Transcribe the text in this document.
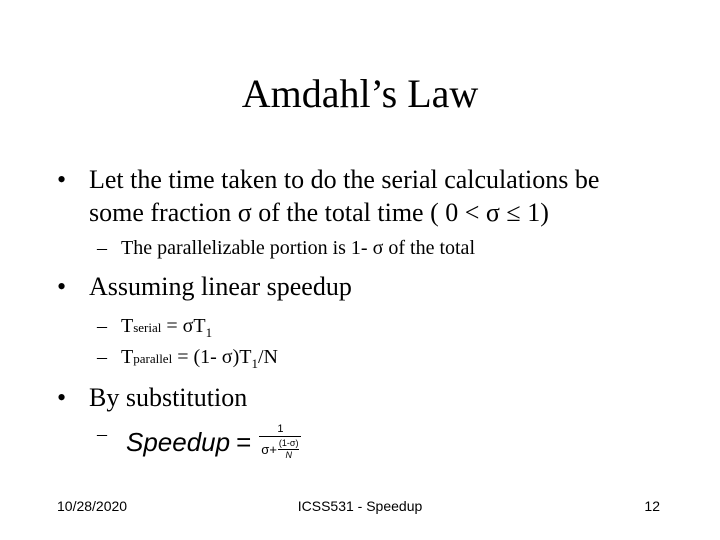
Amdahl’s Law
• Let the time taken to do the serial calculations be
some fraction σ of the total time ( 0 < σ ≤ 1)
– The parallelizable portion is 1- σ of the total
• Assuming linear speedup
– Tserial = $\sigma T_1$
– Tparallel = (1- $\sigma)T_1/N$
• By substitution
– Speedup = $\frac{1}{\sigma + \frac{(1-\sigma)}{N}}$
10/28/2020	ICSS531 - Speedup	12
